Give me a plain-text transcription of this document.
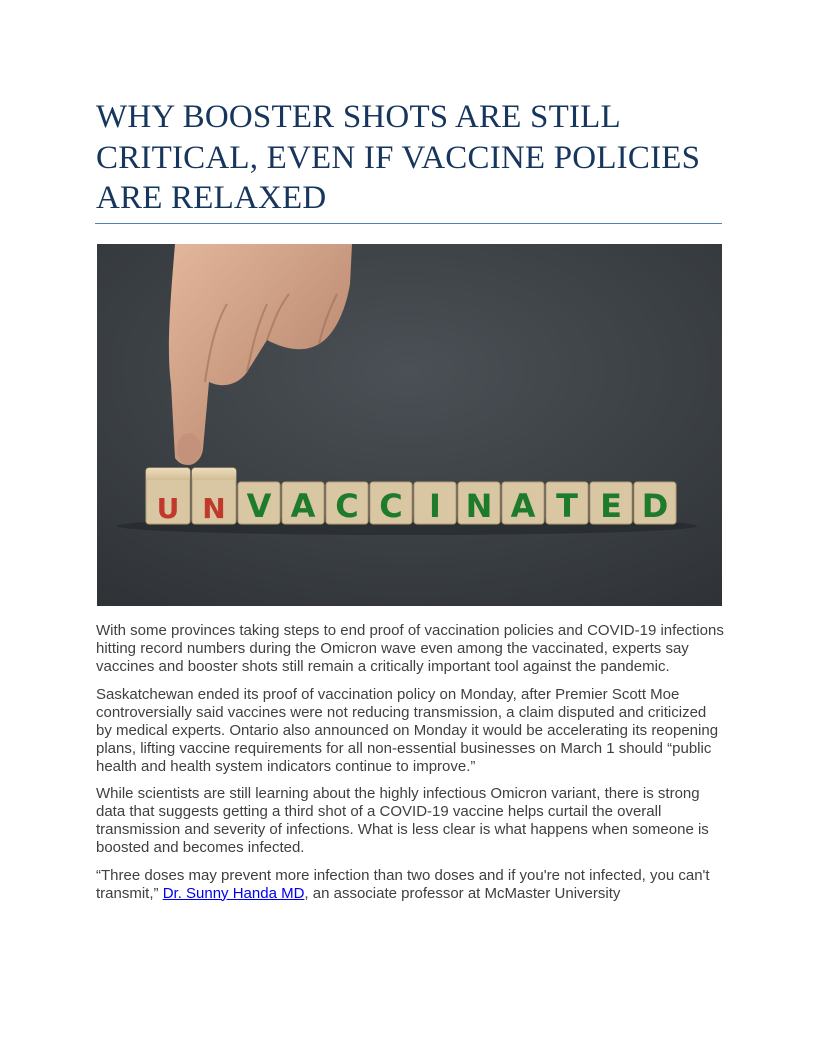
WHY BOOSTER SHOTS ARE STILL
CRITICAL, EVEN IF VACCINE POLICIES
ARE RELAXED
U N V A C C I N A T E D

With some provinces taking steps to end proof of vaccination policies and COVID-19 infections hitting record numbers during the Omicron wave even among the vaccinated, experts say vaccines and booster shots still remain a critically important tool against the pandemic.

Saskatchewan ended its proof of vaccination policy on Monday, after Premier Scott Moe controversially said vaccines were not reducing transmission, a claim disputed and criticized by medical experts. Ontario also announced on Monday it would be accelerating its reopening plans, lifting vaccine requirements for all non-essential businesses on March 1 should “public health and health system indicators continue to improve.”

While scientists are still learning about the highly infectious Omicron variant, there is strong data that suggests getting a third shot of a COVID-19 vaccine helps curtail the overall transmission and severity of infections. What is less clear is what happens when someone is boosted and becomes infected.

“Three doses may prevent more infection than two doses and if you're not infected, you can't transmit,” Dr. Sunny Handa MD, an associate professor at McMaster University
